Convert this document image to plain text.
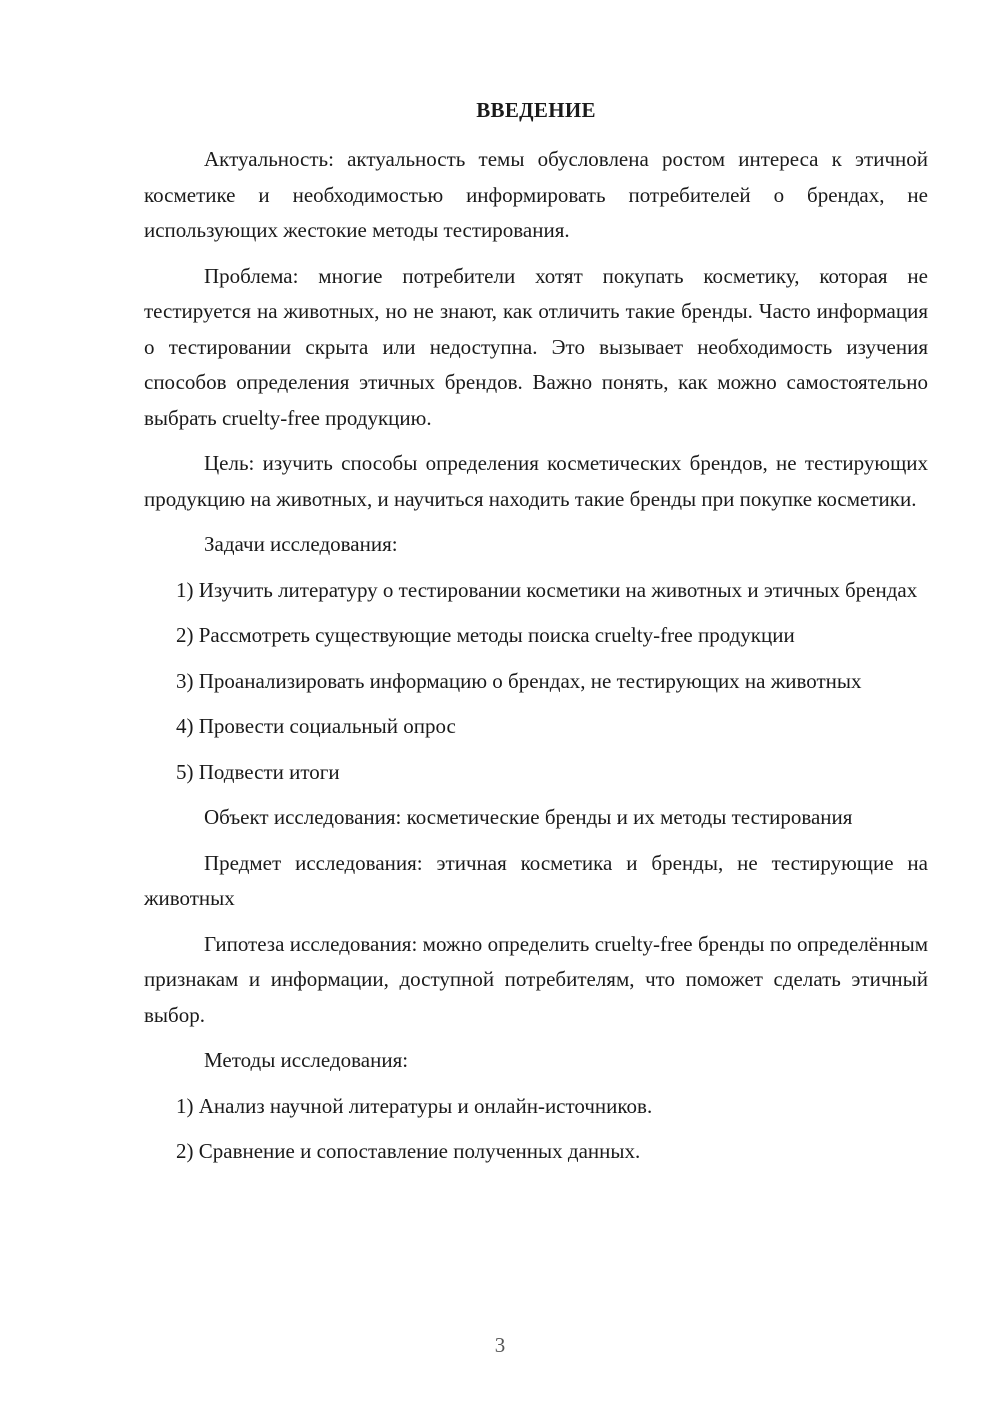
ВВЕДЕНИЕ

Актуальность: актуальность темы обусловлена ростом интереса к этичной косметике и необходимостью информировать потребителей о брендах, не использующих жестокие методы тестирования.

Проблема: многие потребители хотят покупать косметику, которая не тестируется на животных, но не знают, как отличить такие бренды. Часто информация о тестировании скрыта или недоступна. Это вызывает необходимость изучения способов определения этичных брендов. Важно понять, как можно самостоятельно выбрать cruelty-free продукцию.

Цель: изучить способы определения косметических брендов, не тестирующих продукцию на животных, и научиться находить такие бренды при покупке косметики.

Задачи исследования:

1) Изучить литературу о тестировании косметики на животных и этичных брендах

2) Рассмотреть существующие методы поиска cruelty-free продукции

3) Проанализировать информацию о брендах, не тестирующих на животных

4) Провести социальный опрос

5) Подвести итоги

Объект исследования: косметические бренды и их методы тестирования

Предмет исследования: этичная косметика и бренды, не тестирующие на животных

Гипотеза исследования: можно определить cruelty-free бренды по определённым признакам и информации, доступной потребителям, что поможет сделать этичный выбор.

Методы исследования:

1) Анализ научной литературы и онлайн-источников.

2) Сравнение и сопоставление полученных данных.

3
